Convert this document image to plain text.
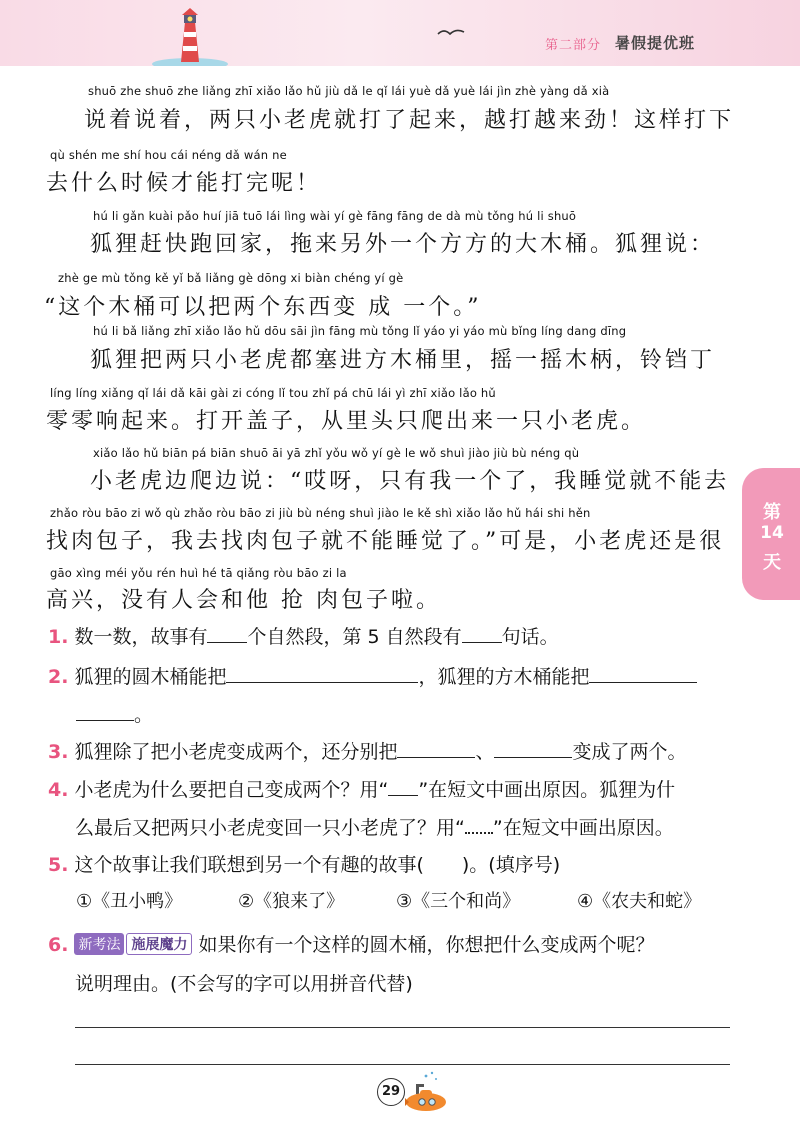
第二部分 暑假提优班
shuō zhe shuō zhe liǎng zhī xiǎo lǎo hǔ jiù dǎ le qǐ lái yuè dǎ yuè lái jìn zhè yàng dǎ xià
说着说着，两只小老虎就打了起来，越打越来劲！这样打下
qù shén me shí hou cái néng dǎ wán ne
去什么时候才能打完呢！
hú li gǎn kuài pǎo huí jiā tuō lái lìng wài yí gè fāng fāng de dà mù tǒng hú li shuō
狐狸赶快跑回家，拖来另外一个方方的大木桶。狐狸说：
zhè ge mù tǒng kě yǐ bǎ liǎng gè dōng xi biàn chéng yí gè
“这个木桶可以把两个东西变 成 一个。”
hú li bǎ liǎng zhī xiǎo lǎo hǔ dōu sāi jìn fāng mù tǒng lǐ yáo yi yáo mù bǐng líng dang dīng
狐狸把两只小老虎都塞进方木桶里，摇一摇木柄，铃铛丁
líng líng xiǎng qǐ lái dǎ kāi gài zi cóng lǐ tou zhǐ pá chū lái yì zhī xiǎo lǎo hǔ
零零响起来。打开盖子，从里头只爬出来一只小老虎。
xiǎo lǎo hǔ biān pá biān shuō āi yā zhǐ yǒu wǒ yí gè le wǒ shuì jiào jiù bù néng qù
小老虎边爬边说：“哎呀，只有我一个了，我睡觉就不能去
zhǎo ròu bāo zi wǒ qù zhǎo ròu bāo zi jiù bù néng shuì jiào le kě shì xiǎo lǎo hǔ hái shi hěn
找肉包子，我去找肉包子就不能睡觉了。”可是，小老虎还是很
gāo xìng méi yǒu rén huì hé tā qiǎng ròu bāo zi la
高兴，没有人会和他 抢 肉包子啦。
第
14
天
1. 数一数，故事有 个自然段，第 5 自然段有 句话。
2. 狐狸的圆木桶能把	，狐狸的方木桶能把
。
3. 狐狸除了把小老虎变成两个，还分别把	、	变成了两个。
4. 小老虎为什么要把自己变成两个？用“ ”在短文中画出原因。狐狸为什
么最后又把两只小老虎变回一只小老虎了？用“ ”在短文中画出原因。
5. 这个故事让我们联想到另一个有趣的故事(　　)。(填序号)
①《丑小鸭》	②《狼来了》	③《三个和尚》	④《农夫和蛇》
6. 新考法 施展魔力 如果你有一个这样的圆木桶，你想把什么变成两个呢？
说明理由。(不会写的字可以用拼音代替)
29
